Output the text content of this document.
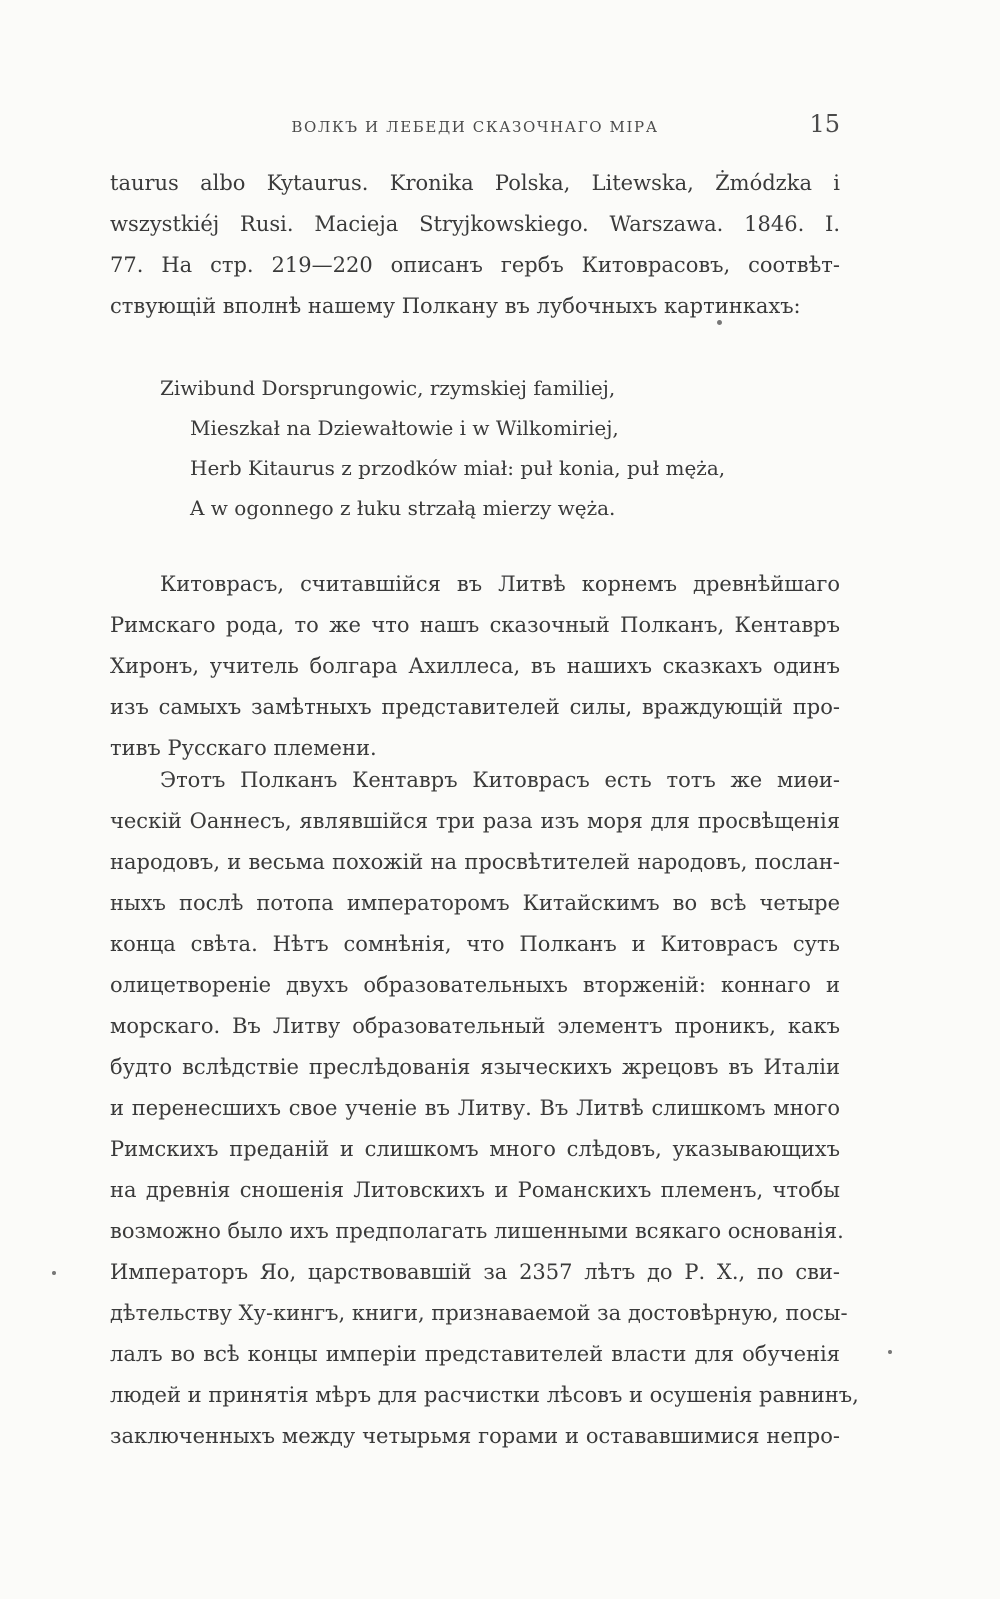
ВОЛКЪ И ЛЕБЕДИ СКАЗОЧНАГО МІРА	15
taurus albo Kytaurus. Kronika Polska, Litewska, Żmódzka i
wszystkiéj Rusi. Macieja Stryjkowskiego. Warszawa. 1846. I.
77. На стр. 219—220 описанъ гербъ Китоврасовъ, соотвѣт-
ствующій вполнѣ нашему Полкану въ лубочныхъ картинкахъ:
Ziwibund Dorsprungowic, rzymskiej familiej,
Mieszkał na Dziewałtowie i w Wilkomiriej,
Herb Kitaurus z przodków miał: puł konia, puł męża,
A w ogonnego z łuku strzałą mierzy węża.
Китоврасъ, считавшійся въ Литвѣ корнемъ древнѣйшаго
Римскаго рода, то же что нашъ сказочный Полканъ, Кентавръ
Хиронъ, учитель болгара Ахиллеса, въ нашихъ сказкахъ одинъ
изъ самыхъ замѣтныхъ представителей силы, враждующій про-
тивъ Русскаго племени.
Этотъ Полканъ Кентавръ Китоврасъ есть тотъ же миѳи-
ческій Оаннесъ, являвшійся три раза изъ моря для просвѣщенія
народовъ, и весьма похожій на просвѣтителей народовъ, послан-
ныхъ послѣ потопа императоромъ Китайскимъ во всѣ четыре
конца свѣта. Нѣтъ сомнѣнія, что Полканъ и Китоврасъ суть
олицетвореніе двухъ образовательныхъ вторженій: коннаго и
морскаго. Въ Литву образовательный элементъ проникъ, какъ
будто вслѣдствіе преслѣдованія языческихъ жрецовъ въ Италіи
и перенесшихъ свое ученіе въ Литву. Въ Литвѣ слишкомъ много
Римскихъ преданій и слишкомъ много слѣдовъ, указывающихъ
на древнія сношенія Литовскихъ и Романскихъ племенъ, чтобы
возможно было ихъ предполагать лишенными всякаго основанія.
Императоръ Яо, царствовавшій за 2357 лѣтъ до Р. Х., по сви-
дѣтельству Ху-кингъ, книги, признаваемой за достовѣрную, посы-
лалъ во всѣ концы имперіи представителей власти для обученія
людей и принятія мѣръ для расчистки лѣсовъ и осушенія равнинъ,
заключенныхъ между четырьмя горами и остававшимися непро-
